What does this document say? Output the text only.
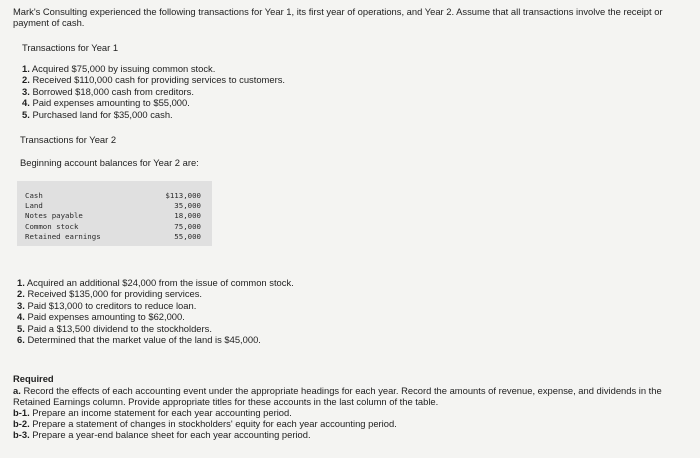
Mark's Consulting experienced the following transactions for Year 1, its first year of operations, and Year 2. Assume that all transactions involve the receipt or payment of cash.
Transactions for Year 1
1. Acquired $75,000 by issuing common stock.
2. Received $110,000 cash for providing services to customers.
3. Borrowed $18,000 cash from creditors.
4. Paid expenses amounting to $55,000.
5. Purchased land for $35,000 cash.
Transactions for Year 2
Beginning account balances for Year 2 are:
Cash	$113,000
Land	35,000
Notes payable	18,000
Common stock	75,000
Retained earnings	55,000
1. Acquired an additional $24,000 from the issue of common stock.
2. Received $135,000 for providing services.
3. Paid $13,000 to creditors to reduce loan.
4. Paid expenses amounting to $62,000.
5. Paid a $13,500 dividend to the stockholders.
6. Determined that the market value of the land is $45,000.
Required
a. Record the effects of each accounting event under the appropriate headings for each year. Record the amounts of revenue, expense, and dividends in the Retained Earnings column. Provide appropriate titles for these accounts in the last column of the table.
b-1. Prepare an income statement for each year accounting period.
b-2. Prepare a statement of changes in stockholders' equity for each year accounting period.
b-3. Prepare a year-end balance sheet for each year accounting period.
